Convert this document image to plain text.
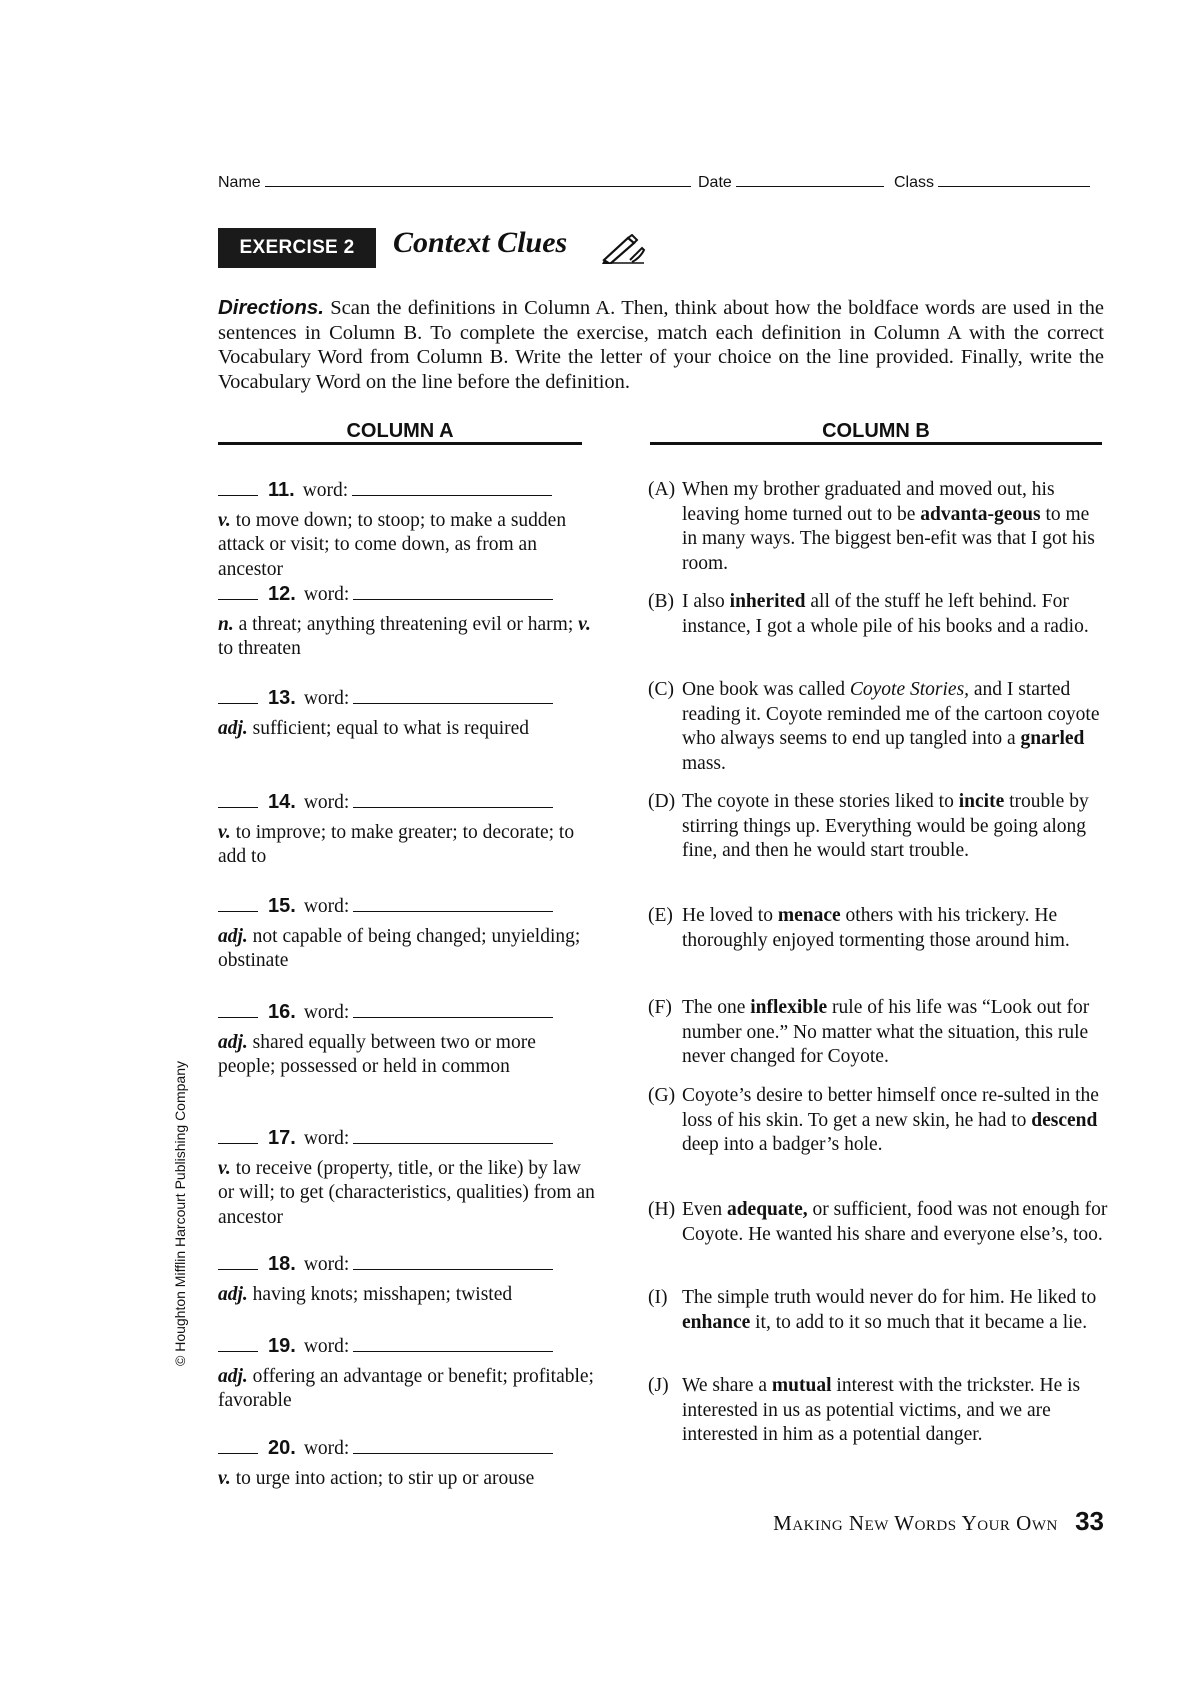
Name	Date	Class
EXERCISE 2	Context Clues
Directions. Scan the definitions in Column A. Then, think about how the boldface words are used in the sentences in Column B. To complete the exercise, match each definition in Column A with the correct Vocabulary Word from Column B. Write the letter of your choice on the line provided. Finally, write the Vocabulary Word on the line before the definition.
COLUMN A	COLUMN B
11. word:
v. to move down; to stoop; to make a sudden attack or visit; to come down, as from an ancestor
12. word:
n. a threat; anything threatening evil or harm; v. to threaten
13. word:
adj. sufficient; equal to what is required
14. word:
v. to improve; to make greater; to decorate; to add to
15. word:
adj. not capable of being changed; unyielding; obstinate
16. word:
adj. shared equally between two or more people; possessed or held in common
17. word:
v. to receive (property, title, or the like) by law or will; to get (characteristics, qualities) from an ancestor
18. word:
adj. having knots; misshapen; twisted
19. word:
adj. offering an advantage or benefit; profitable; favorable
20. word:
v. to urge into action; to stir up or arouse
(A) When my brother graduated and moved out, his leaving home turned out to be advanta-geous to me in many ways. The biggest ben-efit was that I got his room.
(B) I also inherited all of the stuff he left behind. For instance, I got a whole pile of his books and a radio.
(C) One book was called Coyote Stories, and I started reading it. Coyote reminded me of the cartoon coyote who always seems to end up tangled into a gnarled mass.
(D) The coyote in these stories liked to incite trouble by stirring things up. Everything would be going along fine, and then he would start trouble.
(E) He loved to menace others with his trickery. He thoroughly enjoyed tormenting those around him.
(F) The one inflexible rule of his life was “Look out for number one.” No matter what the situation, this rule never changed for Coyote.
(G) Coyote’s desire to better himself once re-sulted in the loss of his skin. To get a new skin, he had to descend deep into a badger’s hole.
(H) Even adequate, or sufficient, food was not enough for Coyote. He wanted his share and everyone else’s, too.
(I) The simple truth would never do for him. He liked to enhance it, to add to it so much that it became a lie.
(J) We share a mutual interest with the trickster. He is interested in us as potential victims, and we are interested in him as a potential danger.
© Houghton Mifflin Harcourt Publishing Company
Making New Words Your Own 33
